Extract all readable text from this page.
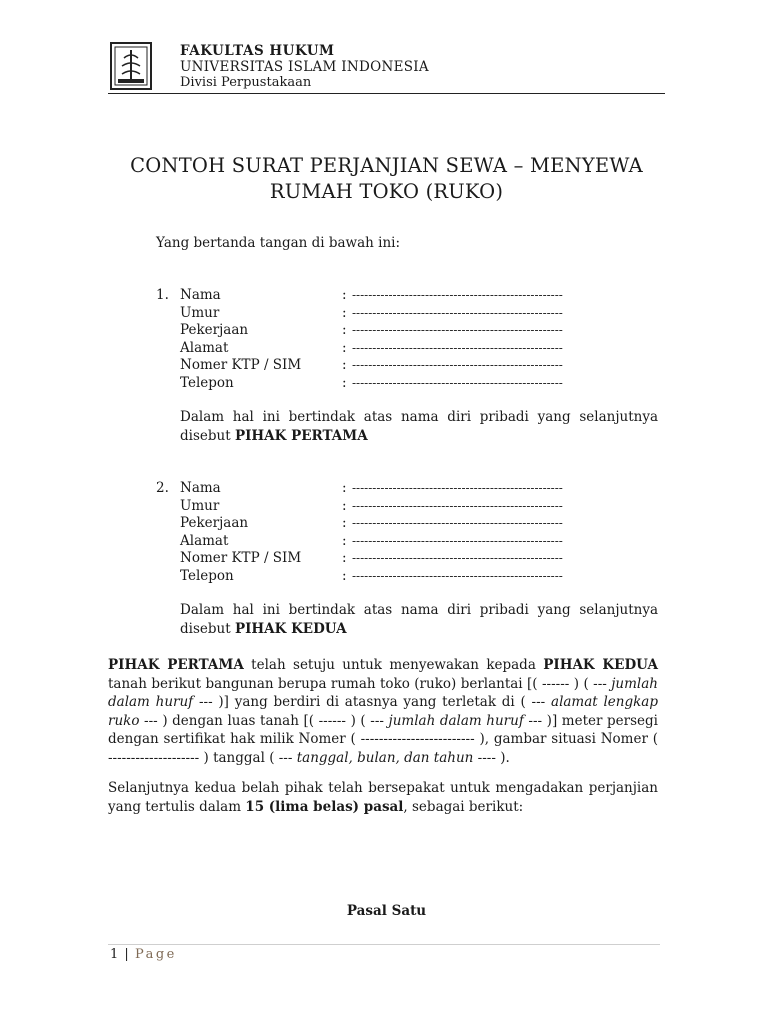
FAKULTAS HUKUM
UNIVERSITAS ISLAM INDONESIA
Divisi Perpustakaan
CONTOH SURAT PERJANJIAN SEWA – MENYEWA
RUMAH TOKO (RUKO)
Yang bertanda tangan di bawah ini:
1. Nama	: ----------------------------------------------------
Umur	: ----------------------------------------------------
Pekerjaan	: ----------------------------------------------------
Alamat	: ----------------------------------------------------
Nomer KTP / SIM	: ----------------------------------------------------
Telepon	: ----------------------------------------------------
Dalam hal ini bertindak atas nama diri pribadi yang selanjutnya
disebut PIHAK PERTAMA
2. Nama	: ----------------------------------------------------
Umur	: ----------------------------------------------------
Pekerjaan	: ----------------------------------------------------
Alamat	: ----------------------------------------------------
Nomer KTP / SIM	: ----------------------------------------------------
Telepon	: ----------------------------------------------------
Dalam hal ini bertindak atas nama diri pribadi yang selanjutnya
disebut PIHAK KEDUA
PIHAK PERTAMA telah setuju untuk menyewakan kepada PIHAK KEDUA tanah berikut bangunan berupa rumah toko (ruko) berlantai [( ------ ) ( --- jumlah dalam huruf --- )] yang berdiri di atasnya yang terletak di ( --- alamat lengkap ruko --- ) dengan luas tanah [( ------ ) ( --- jumlah dalam huruf --- )] meter persegi dengan sertifikat hak milik Nomer ( ------------------------- ), gambar situasi Nomer ( -------------------- ) tanggal ( --- tanggal, bulan, dan tahun ---- ).
Selanjutnya kedua belah pihak telah bersepakat untuk mengadakan perjanjian yang tertulis dalam 15 (lima belas) pasal, sebagai berikut:
Pasal Satu
1 | Page
